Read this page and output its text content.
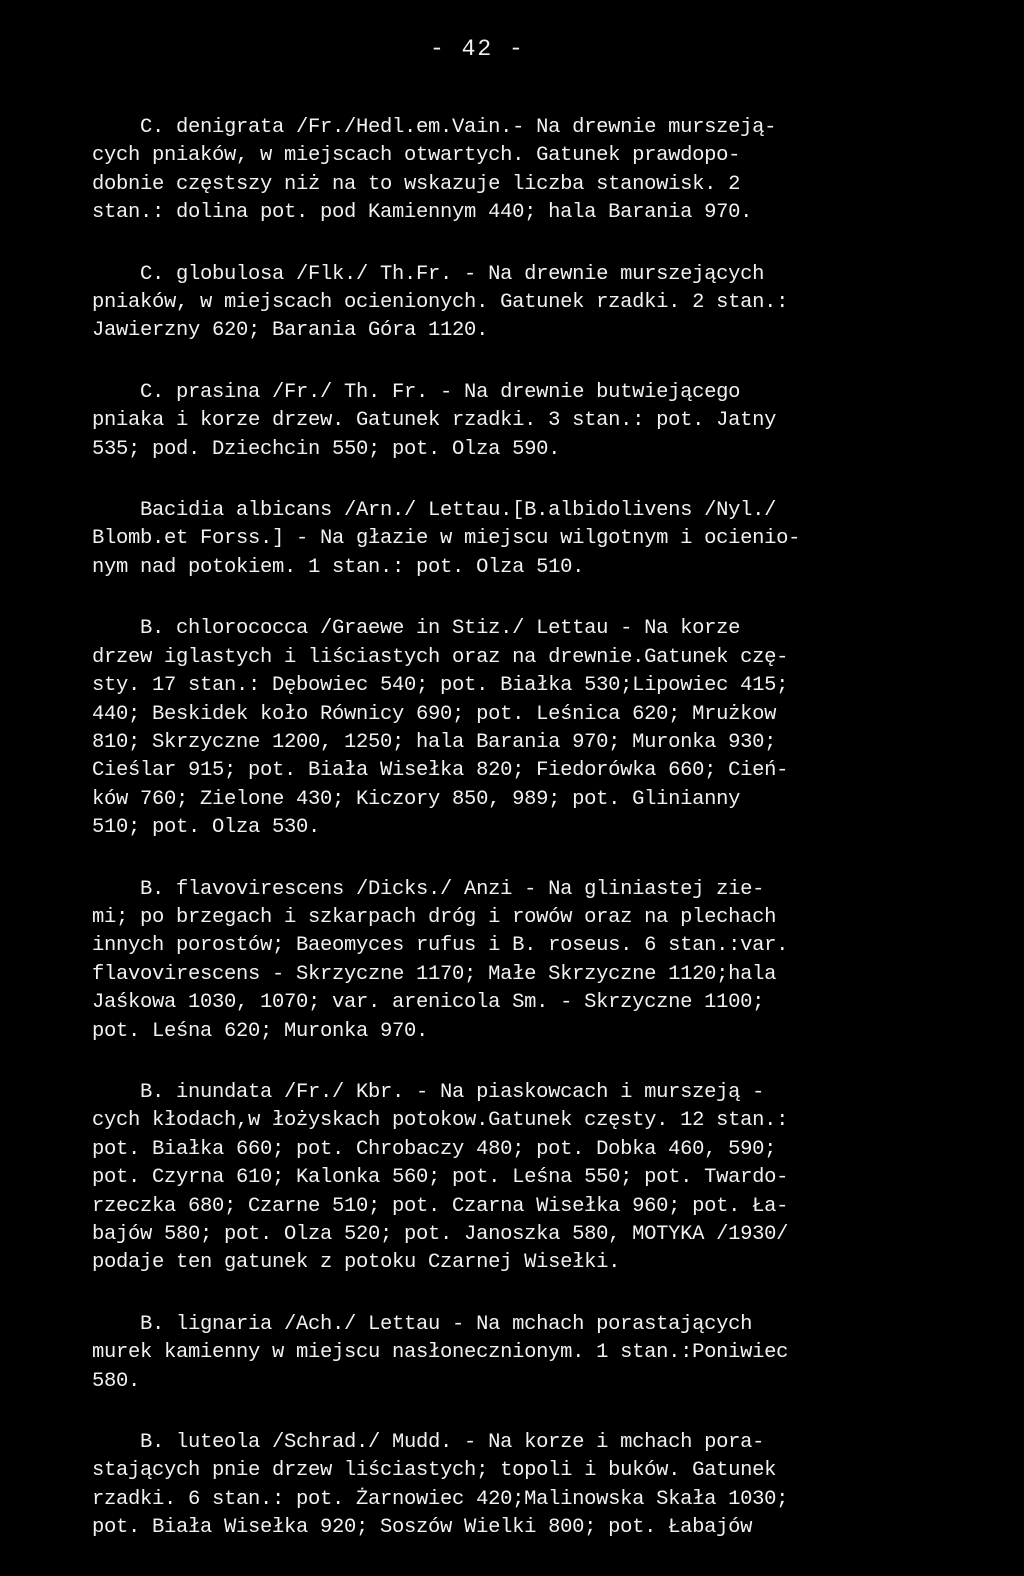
- 42 -
C. denigrata /Fr./Hedl.em.Vain.- Na drewnie murszeją-
cych pniaków, w miejscach otwartych. Gatunek prawdopo-
dobnie częstszy niż na to wskazuje liczba stanowisk. 2
stan.: dolina pot. pod Kamiennym 440; hala Barania 970.
C. globulosa /Flk./ Th.Fr. - Na drewnie murszejących
pniaków, w miejscach ocienionych. Gatunek rzadki. 2 stan.:
Jawierzny 620; Barania Góra 1120.
C. prasina /Fr./ Th. Fr. - Na drewnie butwiejącego
pniaka i korze drzew. Gatunek rzadki. 3 stan.: pot. Jatny
535; pod. Dziechcin 550; pot. Olza 590.
Bacidia albicans /Arn./ Lettau.[B.albidolivens /Nyl./
Blomb.et Forss.] - Na głazie w miejscu wilgotnym i ocienio-
nym nad potokiem. 1 stan.: pot. Olza 510.
B. chlorococca /Graewe in Stiz./ Lettau - Na korze
drzew iglastych i liściastych oraz na drewnie.Gatunek czę-
sty. 17 stan.: Dębowiec 540; pot. Białka 530;Lipowiec 415;
440; Beskidek koło Równicy 690; pot. Leśnica 620; Mrużkow
810; Skrzyczne 1200, 1250; hala Barania 970; Muronka 930;
Cieślar 915; pot. Biała Wisełka 820; Fiedorówka 660; Cień-
ków 760; Zielone 430; Kiczory 850, 989; pot. Glinianny
510; pot. Olza 530.
B. flavovirescens /Dicks./ Anzi - Na gliniastej zie-
mi; po brzegach i szkarpach dróg i rowów oraz na plechach
innych porostów; Baeomyces rufus i B. roseus. 6 stan.:var.
flavovirescens - Skrzyczne 1170; Małe Skrzyczne 1120;hala
Jaśkowa 1030, 1070; var. arenicola Sm. - Skrzyczne 1100;
pot. Leśna 620; Muronka 970.
B. inundata /Fr./ Kbr. - Na piaskowcach i murszeją -
cych kłodach,w łożyskach potokow.Gatunek częsty. 12 stan.:
pot. Białka 660; pot. Chrobaczy 480; pot. Dobka 460, 590;
pot. Czyrna 610; Kalonka 560; pot. Leśna 550; pot. Twardo-
rzeczka 680; Czarne 510; pot. Czarna Wisełka 960; pot. Ła-
bajów 580; pot. Olza 520; pot. Janoszka 580, MOTYKA /1930/
podaje ten gatunek z potoku Czarnej Wisełki.
B. lignaria /Ach./ Lettau - Na mchach porastających
murek kamienny w miejscu nasłonecznionym. 1 stan.:Poniwiec
580.
B. luteola /Schrad./ Mudd. - Na korze i mchach pora-
stających pnie drzew liściastych; topoli i buków. Gatunek
rzadki. 6 stan.: pot. Żarnowiec 420;Malinowska Skała 1030;
pot. Biała Wisełka 920; Soszów Wielki 800; pot. Łabajów
